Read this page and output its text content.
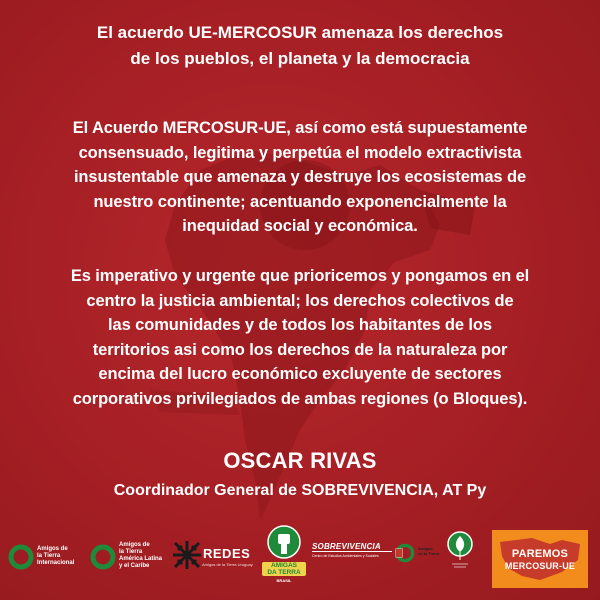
El acuerdo UE-MERCOSUR amenaza los derechos
de los pueblos, el planeta y la democracia
El Acuerdo MERCOSUR-UE, así como está supuestamente
consensuado, legitima y perpetúa el modelo extractivista
insustentable que amenaza y destruye los ecosistemas de
nuestro continente; acentuando exponencialmente la
inequidad social y económica.
Es imperativo y urgente que prioricemos y pongamos en el
centro la justicia ambiental; los derechos colectivos de
las comunidades y de todos los habitantes de los
territorios asi como los derechos de la naturaleza por
encima del lucro económico excluyente de sectores
corporativos privilegiados de ambas regiones (o Bloques).
OSCAR RIVAS
Coordinador General de SOBREVIVENCIA, AT Py
Amigos de
la Tierra
Internacional
Amigos de
la Tierra
América Latina
y el Caribe
REDES
Amigos de la Tierra Uruguay	AMIGAS
DA TERRA
BRASIL
SOBREVIVENCIA
Centro de Estudios Ambientales y Sociales
Amigos
de la Tierra	PAREMOS
MERCOSUR-UE
